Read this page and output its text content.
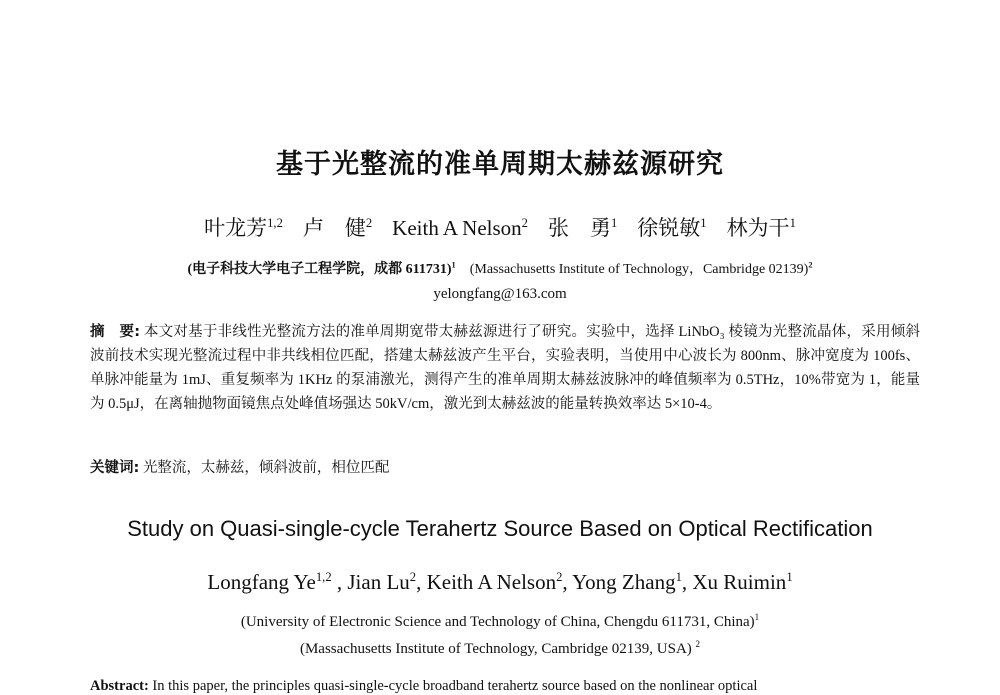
基于光整流的准单周期太赫兹源研究
叶龙芳$^{1,2}$ 卢　健$^2$ Keith A Nelson$^2$ 张　勇$^1$ 徐锐敏$^1$ 林为干$^1$
(电子科技大学电子工程学院，成都 611731)$^1$ (Massachusetts Institute of Technology，Cambridge 02139)$^2$
yelongfang@163.com
摘　要: 本文对基于非线性光整流方法的准单周期宽带太赫兹源进行了研究。实验中，选择 LiNbO₃ 棱镜为光整流晶体，采用倾斜波前技术实现光整流过程中非共线相位匹配，搭建太赫兹波产生平台，实验表明，当使用中心波长为 800nm、脉冲宽度为 100fs、单脉冲能量为 1mJ、重复频率为 1KHz 的泵浦激光，测得产生的准单周期太赫兹波脉冲的峰值频率为 0.5THz，10%带宽为 1，能量为 0.5μJ，在离轴抛物面镜焦点处峰值场强达 50kV/cm，激光到太赫兹波的能量转换效率达 5×10-4。
关键词: 光整流，太赫兹，倾斜波前，相位匹配
Study on Quasi-single-cycle Terahertz Source Based on Optical Rectification
Longfang Ye$^{1,2}$ , Jian Lu$^2$, Keith A Nelson$^2$, Yong Zhang$^1$, Xu Ruimin$^1$
(University of Electronic Science and Technology of China, Chengdu 611731, China)$^1$
(Massachusetts Institute of Technology, Cambridge 02139, USA) $^2$
Abstract: In this paper, the principles quasi-single-cycle broadband terahertz source based on the nonlinear optical
